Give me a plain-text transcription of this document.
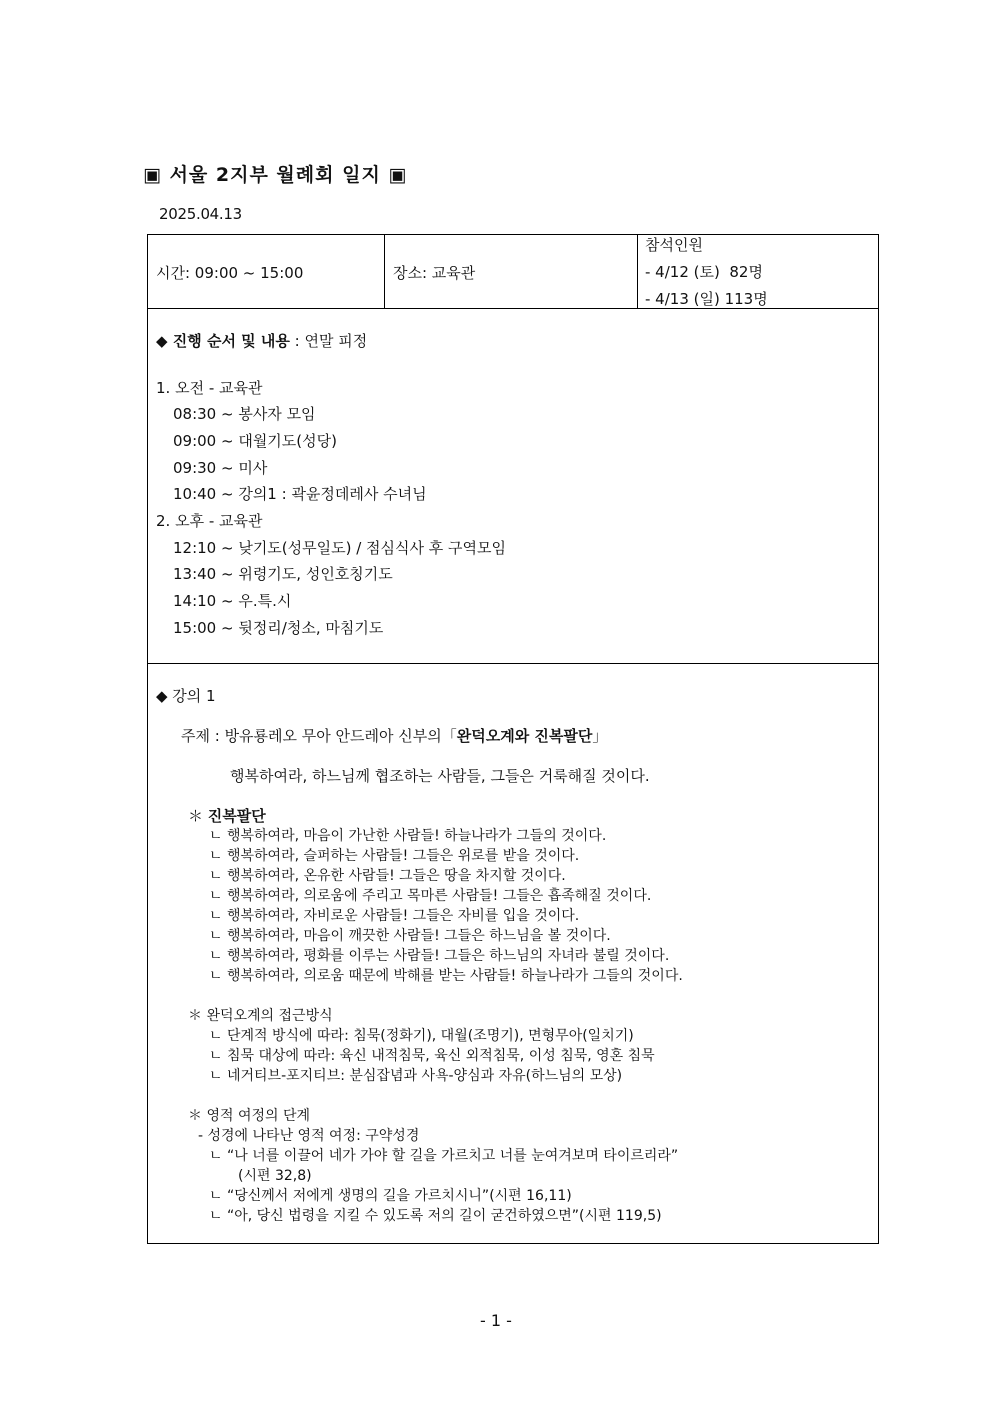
▣ 서울 2지부 월례회 일지 ▣
2025.04.13
시간: 09:00 ~ 15:00	장소: 교육관
참석인원
- 4/12 (토)  82명
- 4/13 (일) 113명
◆ 진행 순서 및 내용 : 연말 피정
1. 오전 - 교육관
08:30 ~ 봉사자 모임
09:00 ~ 대월기도(성당)
09:30 ~ 미사
10:40 ~ 강의1 : 곽윤정데레사 수녀님
2. 오후 - 교육관
12:10 ~ 낮기도(성무일도) / 점심식사 후 구역모임
13:40 ~ 위령기도, 성인호칭기도
14:10 ~ 우.특.시
15:00 ~ 뒷정리/청소, 마침기도
◆ 강의 1
주제 : 방유룡레오 무아 안드레아 신부의「완덕오계와 진복팔단」
행복하여라, 하느님께 협조하는 사람들, 그들은 거룩해질 것이다.
＊ 진복팔단
ㄴ 행복하여라, 마음이 가난한 사람들! 하늘나라가 그들의 것이다.
ㄴ 행복하여라, 슬퍼하는 사람들! 그들은 위로를 받을 것이다.
ㄴ 행복하여라, 온유한 사람들! 그들은 땅을 차지할 것이다.
ㄴ 행복하여라, 의로움에 주리고 목마른 사람들! 그들은 흡족해질 것이다.
ㄴ 행복하여라, 자비로운 사람들! 그들은 자비를 입을 것이다.
ㄴ 행복하여라, 마음이 깨끗한 사람들! 그들은 하느님을 볼 것이다.
ㄴ 행복하여라, 평화를 이루는 사람들! 그들은 하느님의 자녀라 불릴 것이다.
ㄴ 행복하여라, 의로움 때문에 박해를 받는 사람들! 하늘나라가 그들의 것이다.
＊ 완덕오계의 접근방식
ㄴ 단계적 방식에 따라: 침묵(정화기), 대월(조명기), 면형무아(일치기)
ㄴ 침묵 대상에 따라: 육신 내적침묵, 육신 외적침묵, 이성 침묵, 영혼 침묵
ㄴ 네거티브-포지티브: 분심잡념과 사욕-양심과 자유(하느님의 모상)
＊ 영적 여정의 단계
- 성경에 나타난 영적 여정: 구약성경
ㄴ “나 너를 이끌어 네가 가야 할 길을 가르치고 너를 눈여겨보며 타이르리라”
(시편 32,8)
ㄴ “당신께서 저에게 생명의 길을 가르치시니”(시편 16,11)
ㄴ “아, 당신 법령을 지킬 수 있도록 저의 길이 굳건하였으면”(시편 119,5)
- 1 -
